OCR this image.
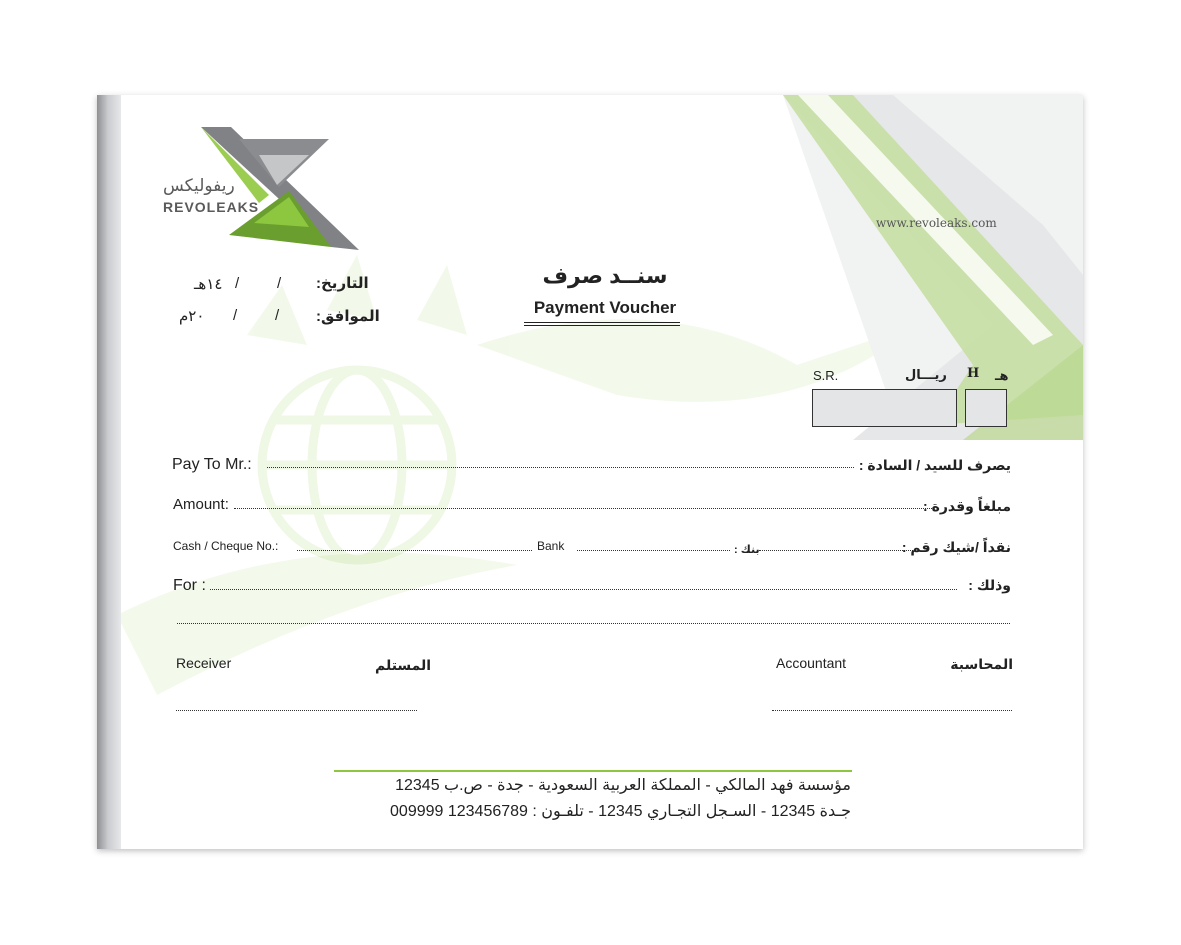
ريفوليكس
REVOLEAKS
www.revoleaks.com
سنــد صرف
Payment Voucher
١٤هـ /	/ التاريخ:
٢٠م /	/ الموافق:
S.R.	ريـــال H هـ
Pay To Mr.:	يصرف للسيد / السادة :
Amount:	مبلغاً وقدرة :
Cash / Cheque No.:	Bank	بنك :	نقداً /شيك رقم :
For :	وذلك :
Receiver	المستلم	Accountant	المحاسبة
مؤسسة فهد المالكي - المملكة العربية السعودية - جدة - ص.ب 12345
جـدة 12345 - السـجل التجـاري 12345 - تلفـون : 123456789 009999
